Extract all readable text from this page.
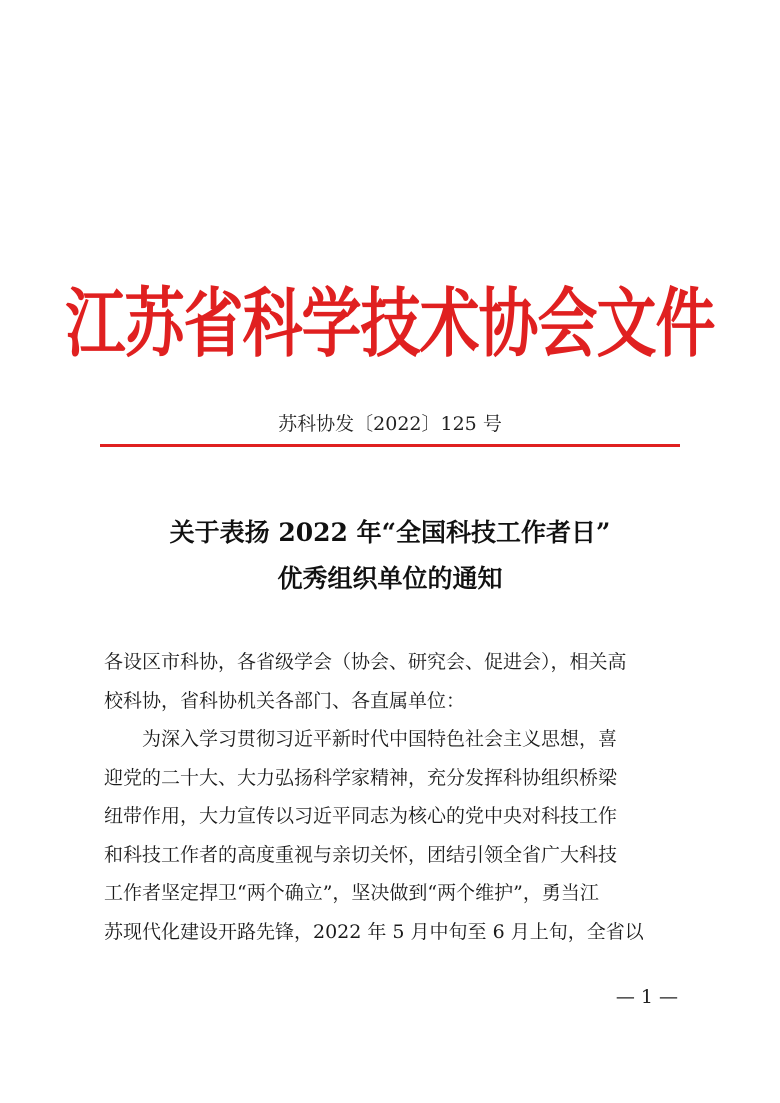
江苏省科学技术协会文件
苏科协发〔2022〕125 号
关于表扬 2022 年“全国科技工作者日”
优秀组织单位的通知

各设区市科协，各省级学会（协会、研究会、促进会），相关高
校科协，省科协机关各部门、各直属单位：

为深入学习贯彻习近平新时代中国特色社会主义思想，喜
迎党的二十大、大力弘扬科学家精神，充分发挥科协组织桥梁
纽带作用，大力宣传以习近平同志为核心的党中央对科技工作
和科技工作者的高度重视与亲切关怀，团结引领全省广大科技
工作者坚定捍卫“两个确立”，坚决做到“两个维护”，勇当江
苏现代化建设开路先锋，2022 年 5 月中旬至 6 月上旬，全省以

— 1 —
